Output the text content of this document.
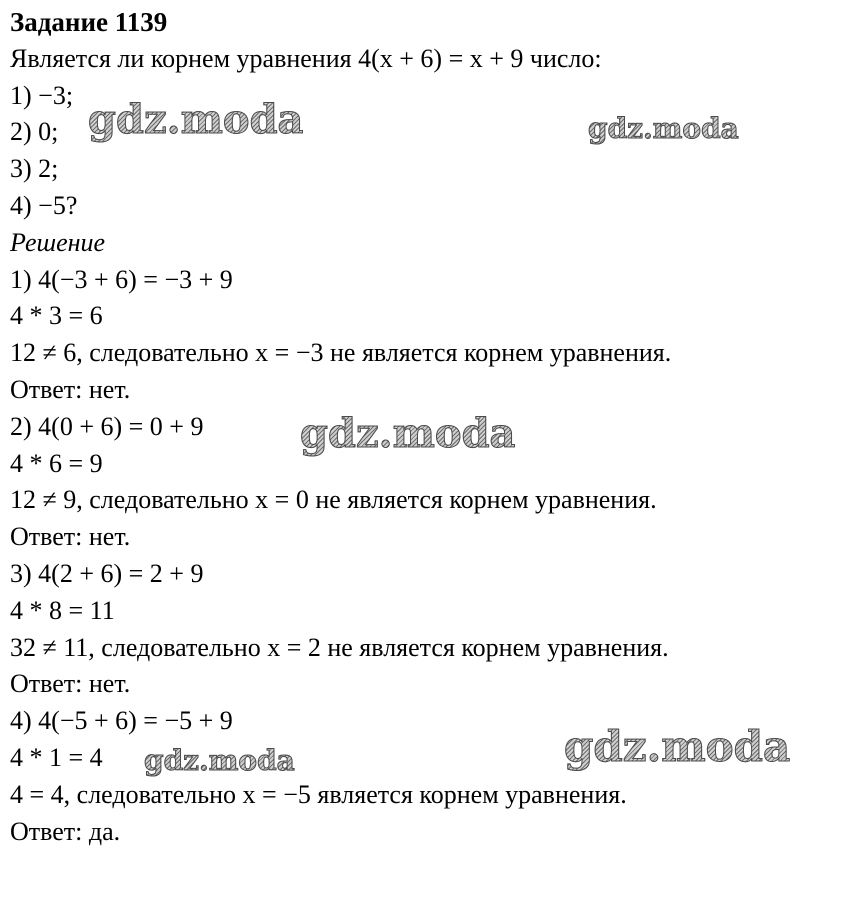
Задание 1139
Является ли корнем уравнения 4(x + 6) = x + 9 число:
1) −3;
2) 0;
3) 2;
4) −5?
Решение
1) 4(−3 + 6) = −3 + 9
4 * 3 = 6
12 ≠ 6, следовательно x = −3 не является корнем уравнения.
Ответ: нет.
2) 4(0 + 6) = 0 + 9
4 * 6 = 9
12 ≠ 9, следовательно x = 0 не является корнем уравнения.
Ответ: нет.
3) 4(2 + 6) = 2 + 9
4 * 8 = 11
32 ≠ 11, следовательно x = 2 не является корнем уравнения.
Ответ: нет.
4) 4(−5 + 6) = −5 + 9
4 * 1 = 4
4 = 4, следовательно x = −5 является корнем уравнения.
Ответ: да.
gdz.moda	gdz.moda
gdz.moda
gdz.moda
gdz.moda
